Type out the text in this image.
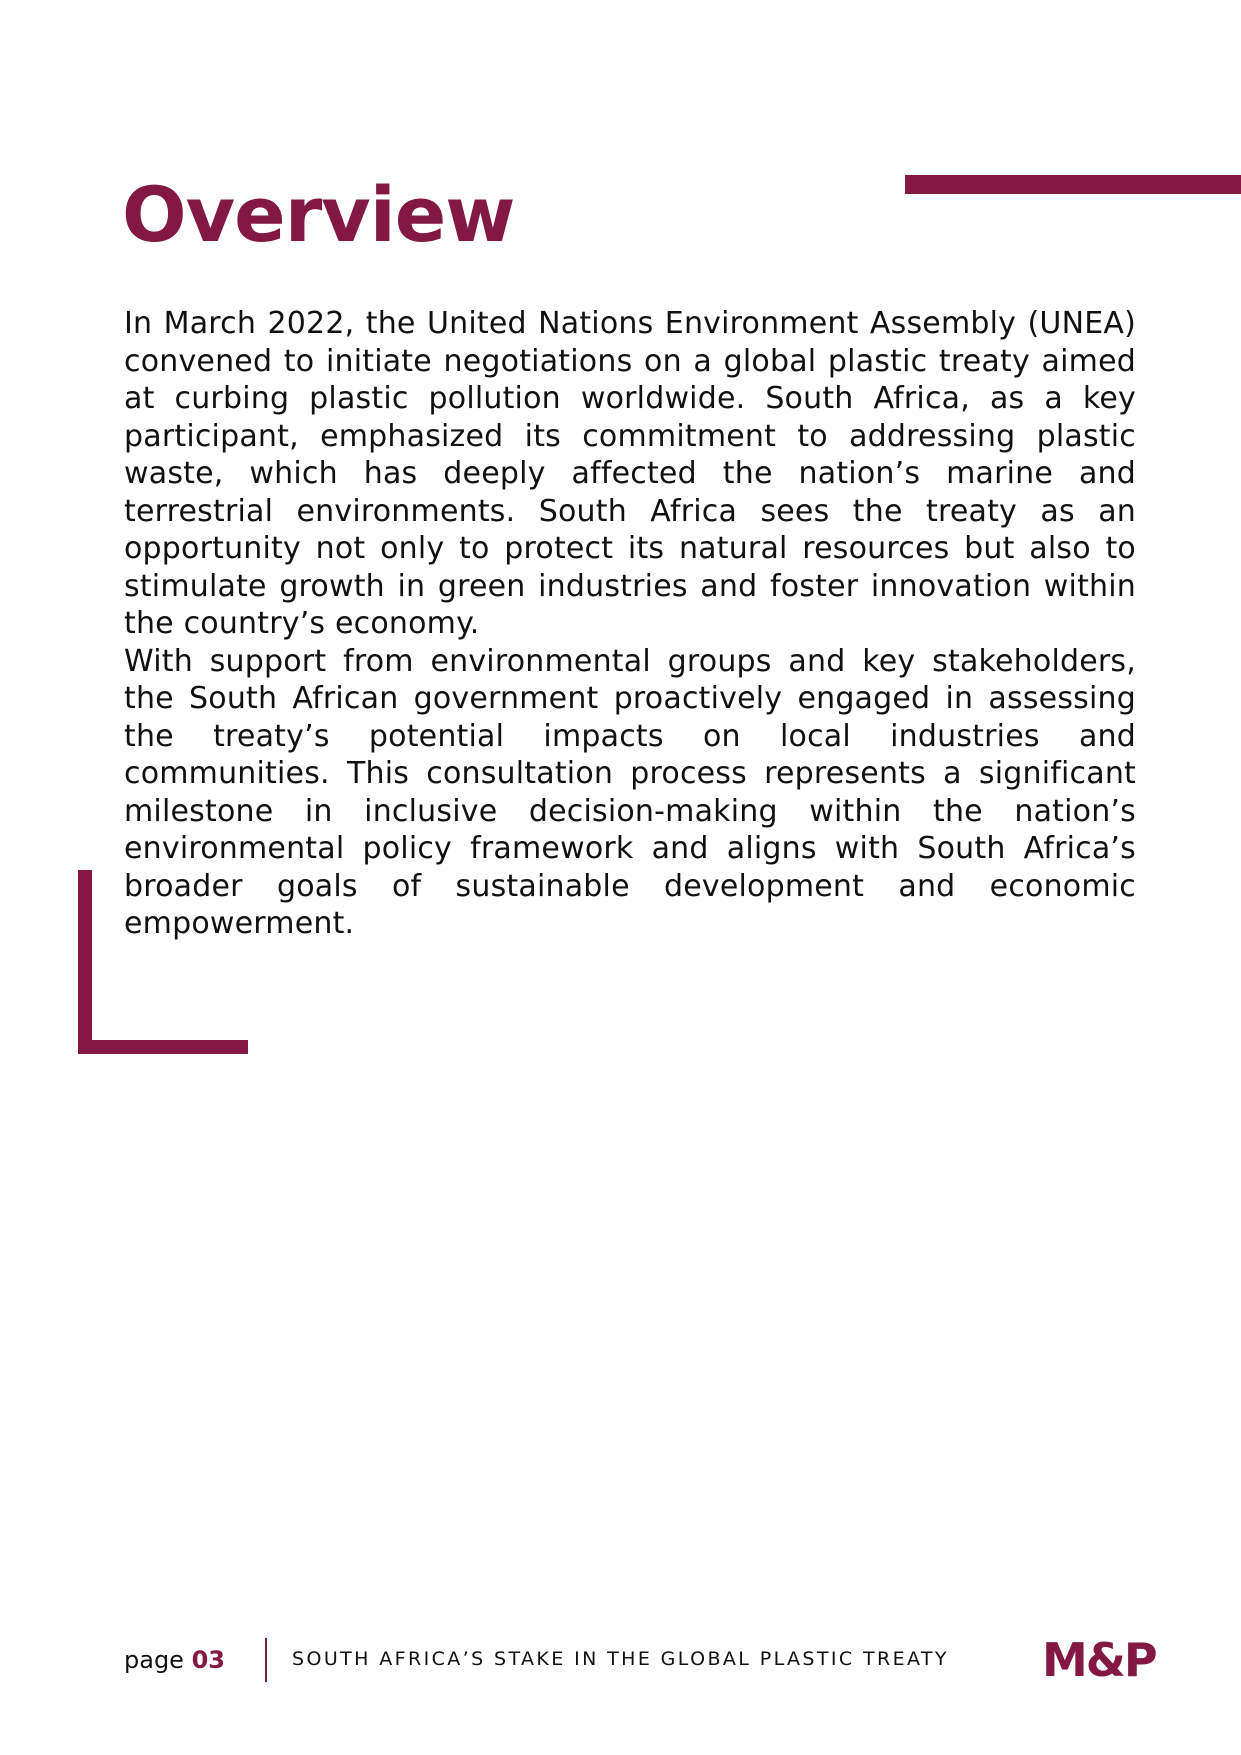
Overview

In March 2022, the United Nations Environment Assembly (UNEA) convened to initiate negotiations on a global plastic treaty aimed at curbing plastic pollution worldwide. South Africa, as a key participant, emphasized its commitment to addressing plastic waste, which has deeply affected the nation’s marine and terrestrial environments. South Africa sees the treaty as an opportunity not only to protect its natural resources but also to stimulate growth in green industries and foster innovation within the country’s economy.

With support from environmental groups and key stakeholders, the South African government proactively engaged in assessing the treaty’s potential impacts on local industries and communities. This consultation process represents a significant milestone in inclusive decision-making within the nation’s environmental policy framework and aligns with South Africa’s broader goals of sustainable development and economic empowerment.

page 03	SOUTH AFRICA’S STAKE IN THE GLOBAL PLASTIC TREATY M&P
